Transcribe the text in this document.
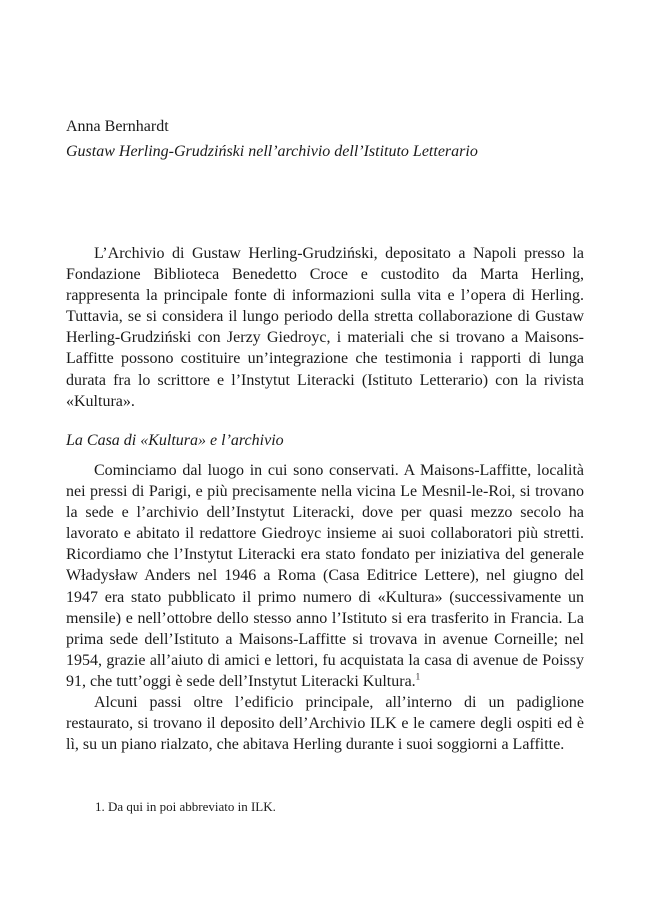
Anna Bernhardt
Gustaw Herling-Grudziński nell’archivio dell’Istituto Letterario

L’Archivio di Gustaw Herling-Grudziński, depositato a Napoli presso la Fondazione Biblioteca Benedetto Croce e custodito da Marta Herling, rappresenta la principale fonte di informazioni sulla vita e l’opera di Herling. Tuttavia, se si considera il lungo periodo della stretta collaborazione di Gustaw Herling-Grudziński con Jerzy Giedroyc, i materiali che si trovano a Maisons-Laffitte possono costituire un’integrazione che testimonia i rapporti di lunga durata fra lo scrittore e l’Instytut Literacki (Istituto Letterario) con la rivista «Kultura».

La Casa di «Kultura» e l’archivio

Cominciamo dal luogo in cui sono conservati. A Maisons-Laffitte, località nei pressi di Parigi, e più precisamente nella vicina Le Mesnil-le-Roi, si trovano la sede e l’archivio dell’Instytut Literacki, dove per quasi mezzo secolo ha lavorato e abitato il redattore Giedroyc insieme ai suoi collaboratori più stretti. Ricordiamo che l’Instytut Literacki era stato fondato per iniziativa del generale Władysław Anders nel 1946 a Roma (Casa Editrice Lettere), nel giugno del 1947 era stato pubblicato il primo numero di «Kultura» (successivamente un mensile) e nell’ottobre dello stesso anno l’Istituto si era trasferito in Francia. La prima sede dell’Istituto a Maisons-Laffitte si trovava in avenue Corneille; nel 1954, grazie all’aiuto di amici e lettori, fu acquistata la casa di avenue de Poissy 91, che tutt’oggi è sede dell’Instytut Literacki Kultura.$^1$

Alcuni passi oltre l’edificio principale, all’interno di un padiglione restaurato, si trovano il deposito dell’Archivio ILK e le camere degli ospiti ed è lì, su un piano rialzato, che abitava Herling durante i suoi soggiorni a Laffitte.

1. Da qui in poi abbreviato in ILK.
